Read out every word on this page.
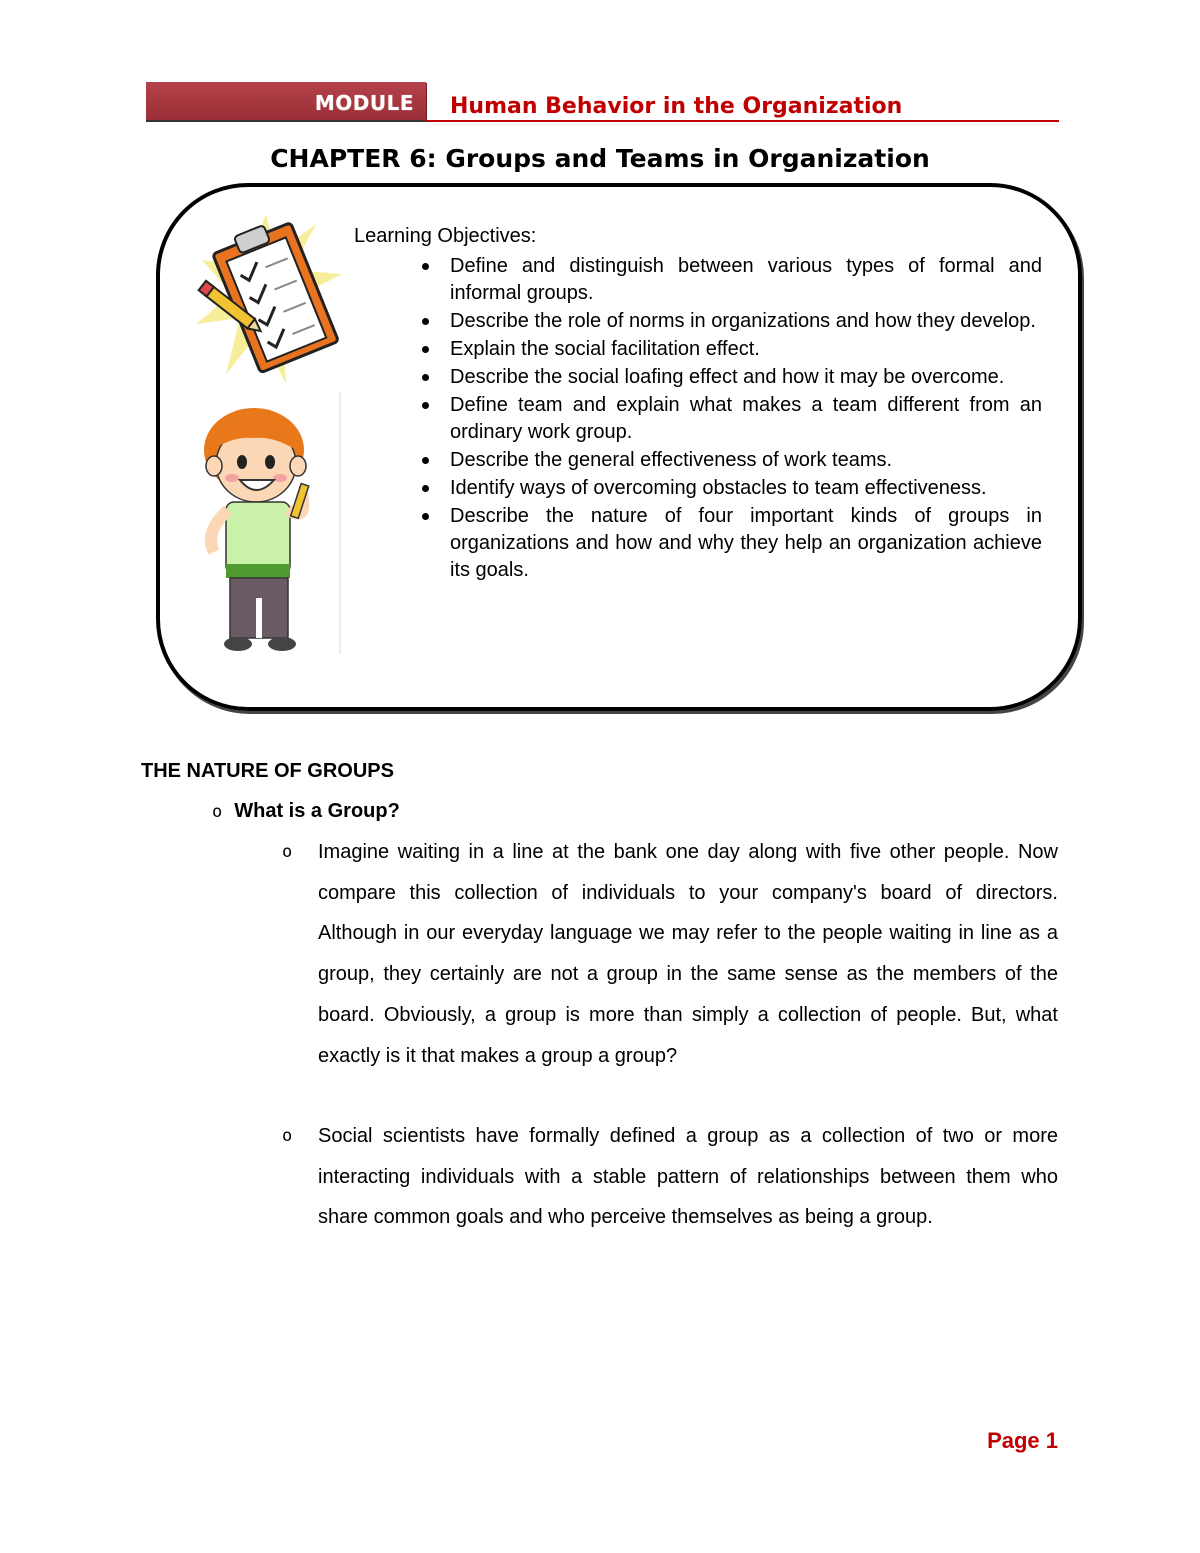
MODULE Human Behavior in the Organization
CHAPTER 6: Groups and Teams in Organization
Learning Objectives:
Define and distinguish between various types of formal and informal groups.
Describe the role of norms in organizations and how they develop.
Explain the social facilitation effect.
Describe the social loafing effect and how it may be overcome.
Define team and explain what makes a team different from an ordinary work group.
Describe the general effectiveness of work teams.
Identify ways of overcoming obstacles to team effectiveness.
Describe the nature of four important kinds of groups in organizations and how and why they help an organization achieve its goals.
THE NATURE OF GROUPS
o What is a Group?
o Imagine waiting in a line at the bank one day along with five other people. Now compare this collection of individuals to your company's board of directors. Although in our everyday language we may refer to the people waiting in line as a group, they certainly are not a group in the same sense as the members of the board. Obviously, a group is more than simply a collection of people. But, what exactly is it that makes a group a group?
o Social scientists have formally defined a group as a collection of two or more interacting individuals with a stable pattern of relationships between them who share common goals and who perceive themselves as being a group.
Page 1
